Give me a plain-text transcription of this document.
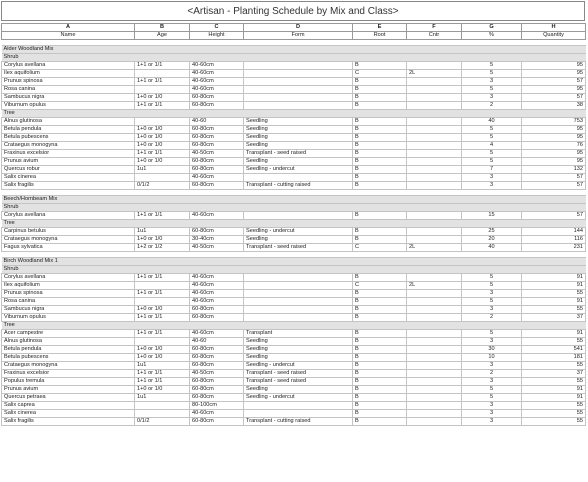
<Artisan - Planting Schedule by Mix and Class>
A	B	C	D	E	F	G	H
Name	Age	Height	Form	Root	Cntr	%	Quantity

Alder Woodland Mix							
Shrub							
Corylus avellana	1+1 or 1/1	40-60cm		B		5	95
Ilex aquifolium		40-60cm		C	2L	5	95
Prunus spinosa	1+1 or 1/1	40-60cm		B		3	57
Rosa canina		40-60cm		B		5	95
Sambucus nigra	1+0 or 1/0	60-80cm		B		3	57
Viburnum opulus	1+1 or 1/1	60-80cm		B		2	38
Tree							
Alnus glutinosa		40-60	Seedling	B		40	753
Betula pendula	1+0 or 1/0	60-80cm	Seedling	B		5	95
Betula pubescens	1+0 or 1/0	60-80cm	Seedling	B		5	95
Crataegus monogyna	1+0 or 1/0	60-80cm	Seedling	B		4	76
Fraxinus excelsior	1+1 or 1/1	40-50cm	Transplant - seed raised	B		5	95
Prunus avium	1+0 or 1/0	60-80cm	Seedling	B		5	95
Quercus robur	1u1	60-80cm	Seedling - undercut	B		7	132
Salix cinerea		40-60cm		B		3	57
Salix fragilis	0/1/2	60-80cm	Transplant - cutting raised	B		3	57

Beech/Hornbeam Mix							
Shrub							
Corylus avellana	1+1 or 1/1	40-60cm		B		15	57
Tree							
Carpinus betulus	1u1	60-80cm	Seedling - undercut	B		25	144
Crataegus monogyna	1+0 or 1/0	30-40cm	Seedling	B		20	116
Fagus sylvatica	1+2 or 1/2	40-50cm	Transplant - seed raised	C	2L	40	231

Birch Woodland Mix 1							
Shrub							
Corylus avellana	1+1 or 1/1	40-60cm		B		5	91
Ilex aquifolium		40-60cm		C	2L	5	91
Prunus spinosa	1+1 or 1/1	40-60cm		B		3	55
Rosa canina		40-60cm		B		5	91
Sambucus nigra	1+0 or 1/0	60-80cm		B		3	55
Viburnum opulus	1+1 or 1/1	60-80cm		B		2	37
Tree							
Acer campestre	1+1 or 1/1	40-60cm	Transplant	B		5	91
Alnus glutinosa		40-60	Seedling	B		3	55
Betula pendula	1+0 or 1/0	60-80cm	Seedling	B		30	541
Betula pubescens	1+0 or 1/0	60-80cm	Seedling	B		10	181
Crataegus monogyna	1u1	60-80cm	Seedling - undercut	B		3	55
Fraxinus excelsior	1+1 or 1/1	40-50cm	Transplant - seed raised	B		2	37
Populus tremula	1+1 or 1/1	60-80cm	Transplant - seed raised	B		3	55
Prunus avium	1+0 or 1/0	60-80cm	Seedling	B		5	91
Quercus petraea	1u1	60-80cm	Seedling - undercut	B		5	91
Salix caprea		80-100cm		B		3	55
Salix cinerea		40-60cm		B		3	55
Salix fragilis	0/1/2	60-80cm	Transplant - cutting raised	B		3	55
